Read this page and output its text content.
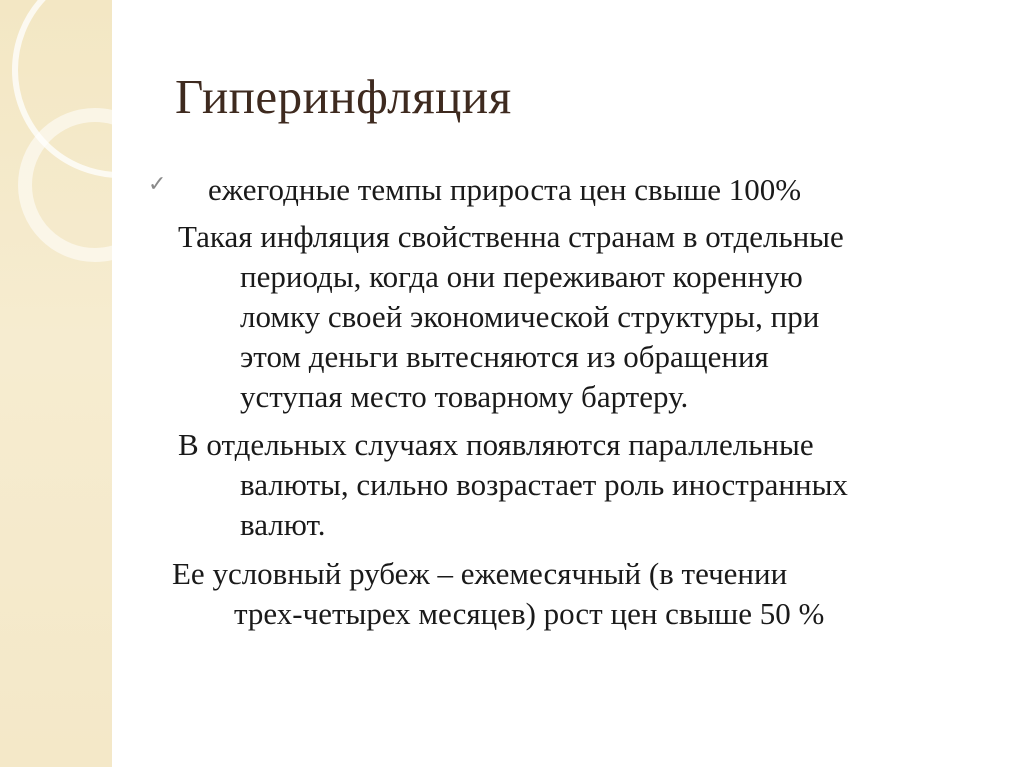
Гиперинфляция
✓ ежегодные темпы прироста цен свыше 100%
Такая инфляция свойственна странам в отдельные
периоды, когда они переживают коренную
ломку своей экономической структуры, при
этом деньги вытесняются из обращения
уступая место товарному бартеру.
В отдельных случаях появляются параллельные
валюты, сильно возрастает роль иностранных
валют.
Ее условный рубеж – ежемесячный (в течении
трех-четырех месяцев) рост цен свыше 50 %
